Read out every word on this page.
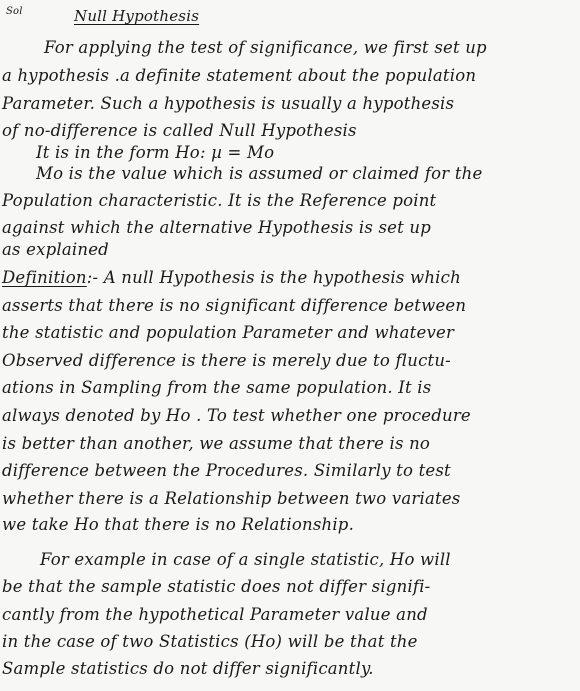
Sol	Null Hypothesis
For applying the test of significance, we first set up
a hypothesis .a definite statement about the population
Parameter. Such a hypothesis is usually a hypothesis
of no-difference is called Null Hypothesis
It is in the form Ho: µ = Mo
Mo is the value which is assumed or claimed for the
Population characteristic. It is the Reference point
against which the alternative Hypothesis is set up
as explained
Definition:- A null Hypothesis is the hypothesis which
asserts that there is no significant difference between
the statistic and population Parameter and whatever
Observed difference is there is merely due to fluctu-
ations in Sampling from the same population. It is
always denoted by Ho . To test whether one procedure
is better than another, we assume that there is no
difference between the Procedures. Similarly to test
whether there is a Relationship between two variates
we take Ho that there is no Relationship.
For example in case of a single statistic, Ho will
be that the sample statistic does not differ signifi-
cantly from the hypothetical Parameter value and
in the case of two Statistics (Ho) will be that the
Sample statistics do not differ significantly.
